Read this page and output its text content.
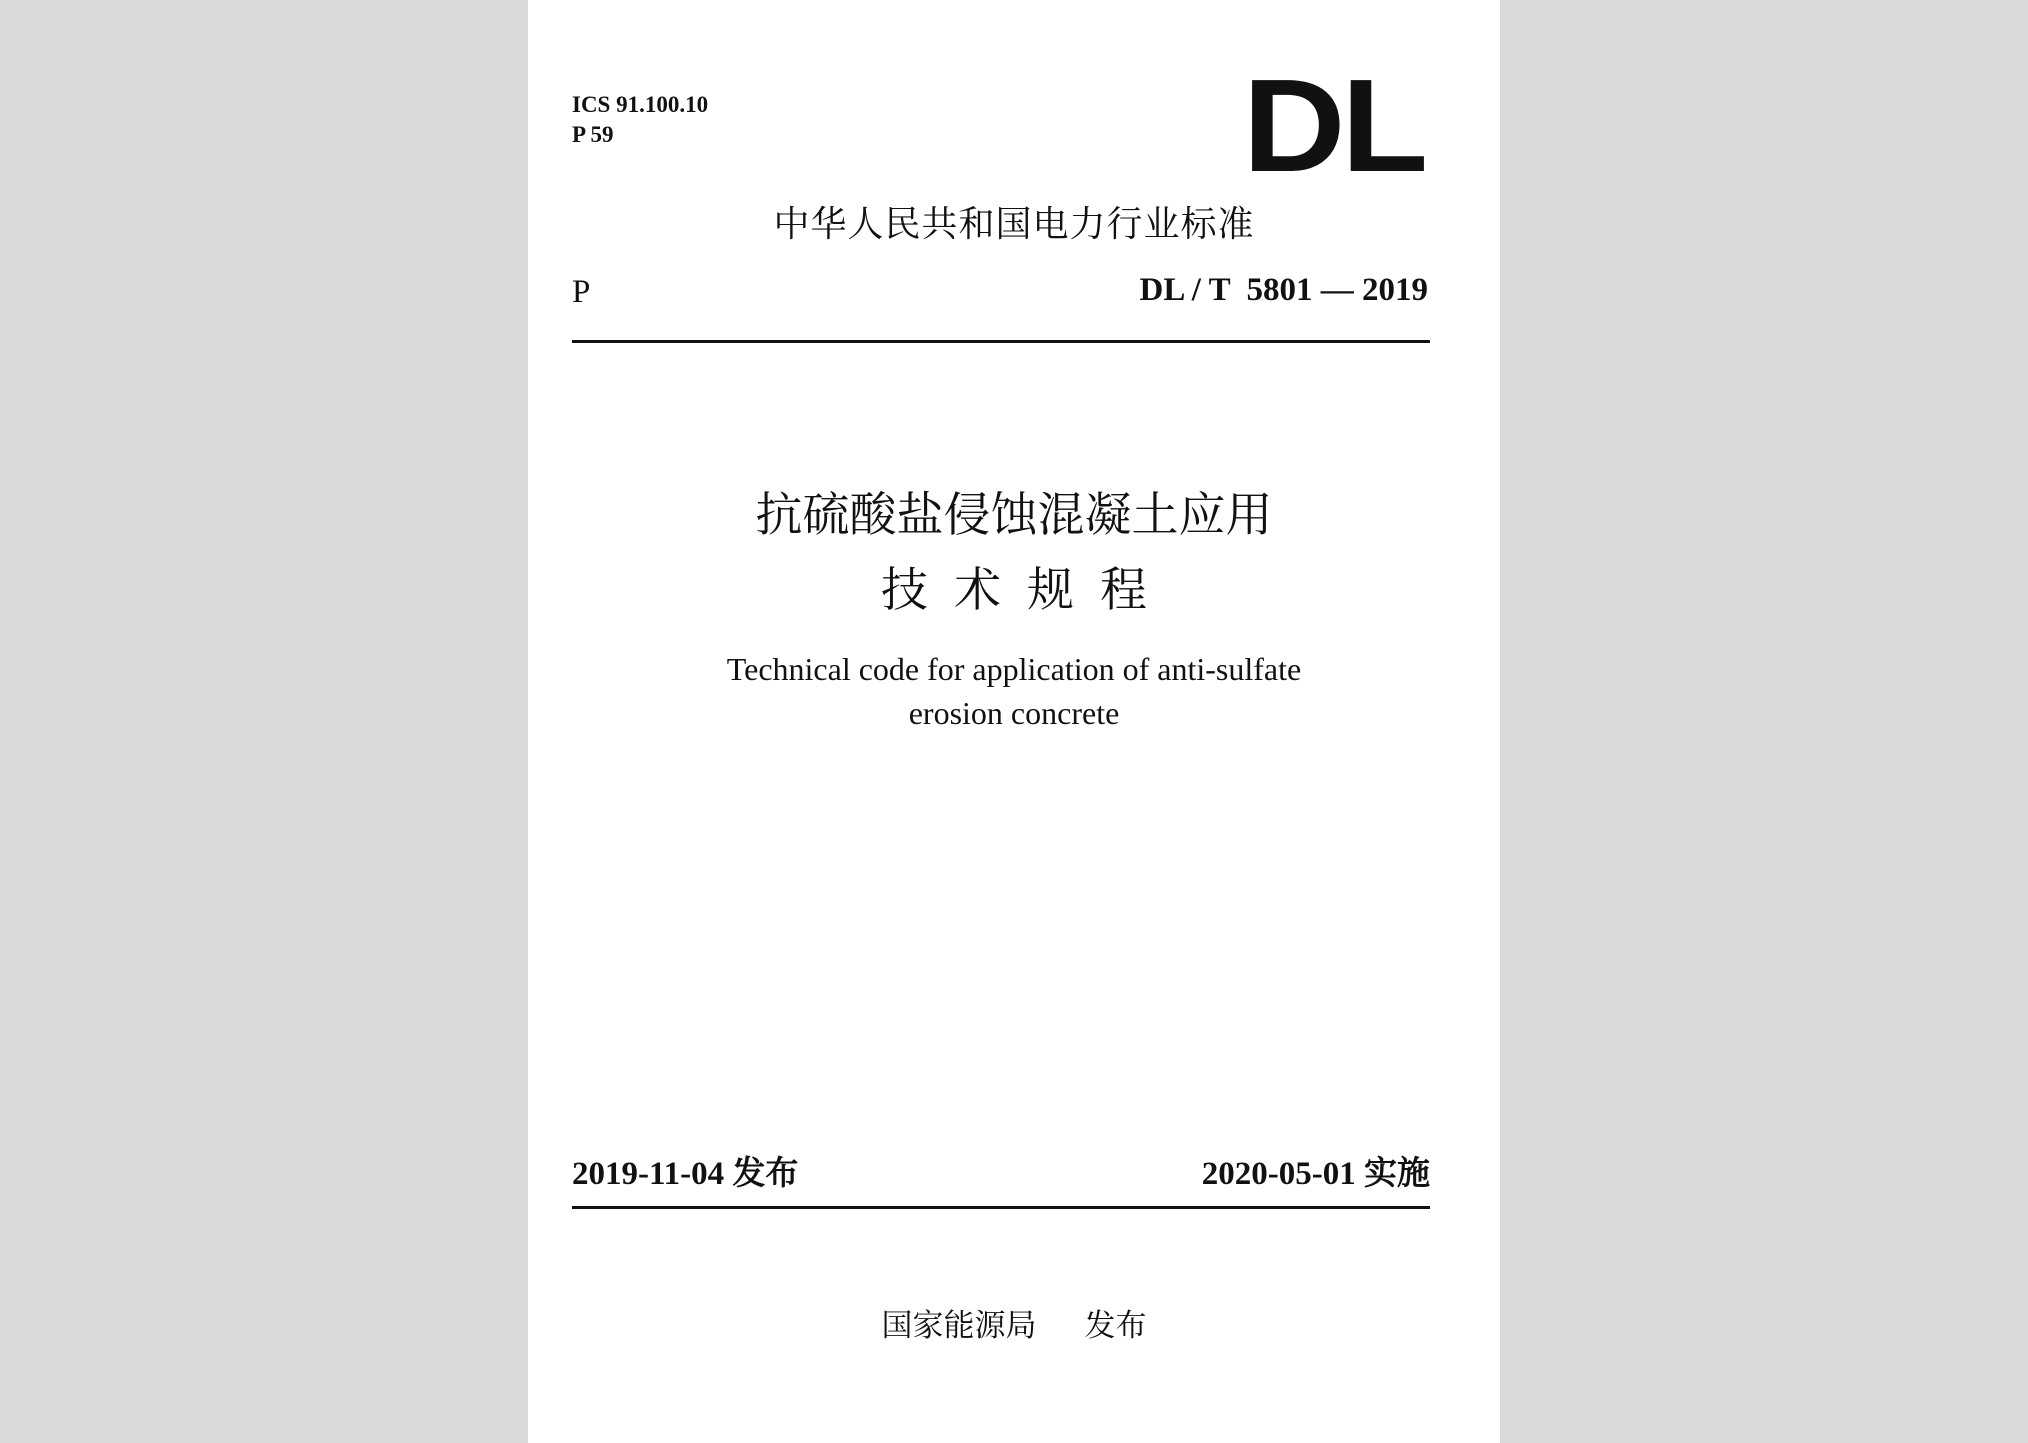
ICS 91.100.10
P 59	DL
中华人民共和国电力行业标准
P	DL / T  5801 — 2019
抗硫酸盐侵蚀混凝土应用
技术规程
Technical code for application of anti-sulfate
erosion concrete
2019-11-04 发布	2020-05-01 实施
国家能源局 发布
